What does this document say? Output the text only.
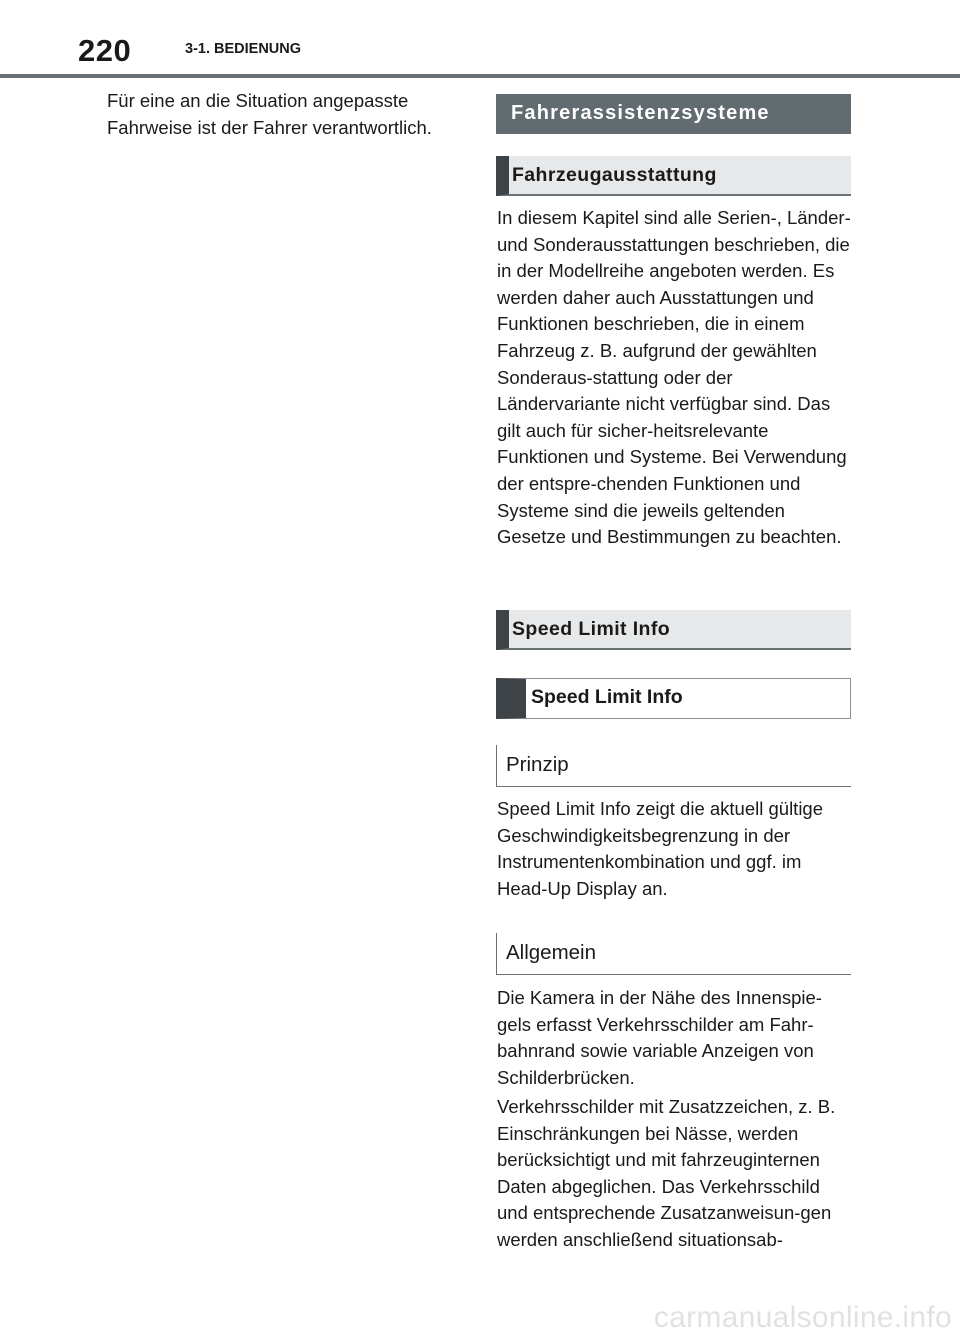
220	3-1. BEDIENUNG

Für eine an die Situation angepasste Fahrweise ist der Fahrer verantwortlich.

Fahrerassistenzsysteme
Fahrzeugausstattung

In diesem Kapitel sind alle Serien-, Länder- und Sonderausstattungen beschrieben, die in der Modellreihe angeboten werden. Es werden daher auch Ausstattungen und Funktionen beschrieben, die in einem Fahrzeug z. B. aufgrund der gewählten Sonderaus-stattung oder der Ländervariante nicht verfügbar sind. Das gilt auch für sicher-heitsrelevante Funktionen und Systeme. Bei Verwendung der entspre-chenden Funktionen und Systeme sind die jeweils geltenden Gesetze und Bestimmungen zu beachten.

Speed Limit Info
Speed Limit Info
Prinzip

Speed Limit Info zeigt die aktuell gültige Geschwindigkeitsbegrenzung in der Instrumentenkombination und ggf. im Head-Up Display an.

Allgemein

Die Kamera in der Nähe des Innenspie-gels erfasst Verkehrsschilder am Fahr-bahnrand sowie variable Anzeigen von Schilderbrücken.

Verkehrsschilder mit Zusatzzeichen, z. B. Einschränkungen bei Nässe, werden berücksichtigt und mit fahrzeuginternen Daten abgeglichen. Das Verkehrsschild und entsprechende Zusatzanweisun-gen werden anschließend situationsab-

carmanualsonline.info
